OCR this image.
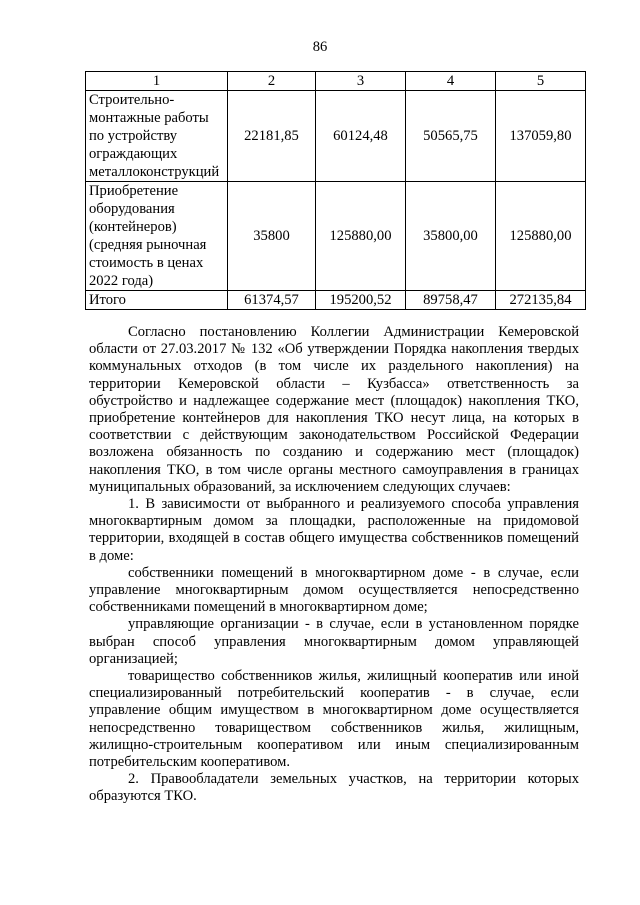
86
1	2	3	4	5
Строительно-монтажные работы по устройству ограждающих металлоконструкций	22181,85	60124,48	50565,75	137059,80
Приобретение оборудования (контейнеров) (средняя рыночная стоимость в ценах 2022 года)	35800	125880,00	35800,00	125880,00
Итого	61374,57	195200,52	89758,47	272135,84

Согласно постановлению Коллегии Администрации Кемеровской области от 27.03.2017 № 132 «Об утверждении Порядка накопления твердых коммунальных отходов (в том числе их раздельного накопления) на территории Кемеровской области – Кузбасса» ответственность за обустройство и надлежащее содержание мест (площадок) накопления ТКО, приобретение контейнеров для накопления ТКО несут лица, на которых в соответствии с действующим законодательством Российской Федерации возложена обязанность по созданию и содержанию мест (площадок) накопления ТКО, в том числе органы местного самоуправления в границах муниципальных образований, за исключением следующих случаев:

1. В зависимости от выбранного и реализуемого способа управления многоквартирным домом за площадки, расположенные на придомовой территории, входящей в состав общего имущества собственников помещений в доме:

собственники помещений в многоквартирном доме - в случае, если управление многоквартирным домом осуществляется непосредственно собственниками помещений в многоквартирном доме;

управляющие организации - в случае, если в установленном порядке выбран способ управления многоквартирным домом управляющей организацией;

товарищество собственников жилья, жилищный кооператив или иной специализированный потребительский кооператив - в случае, если управление общим имуществом в многоквартирном доме осуществляется непосредственно товариществом собственников жилья, жилищным, жилищно-строительным кооперативом или иным специализированным потребительским кооперативом.

2. Правообладатели земельных участков, на территории которых образуются ТКО.
